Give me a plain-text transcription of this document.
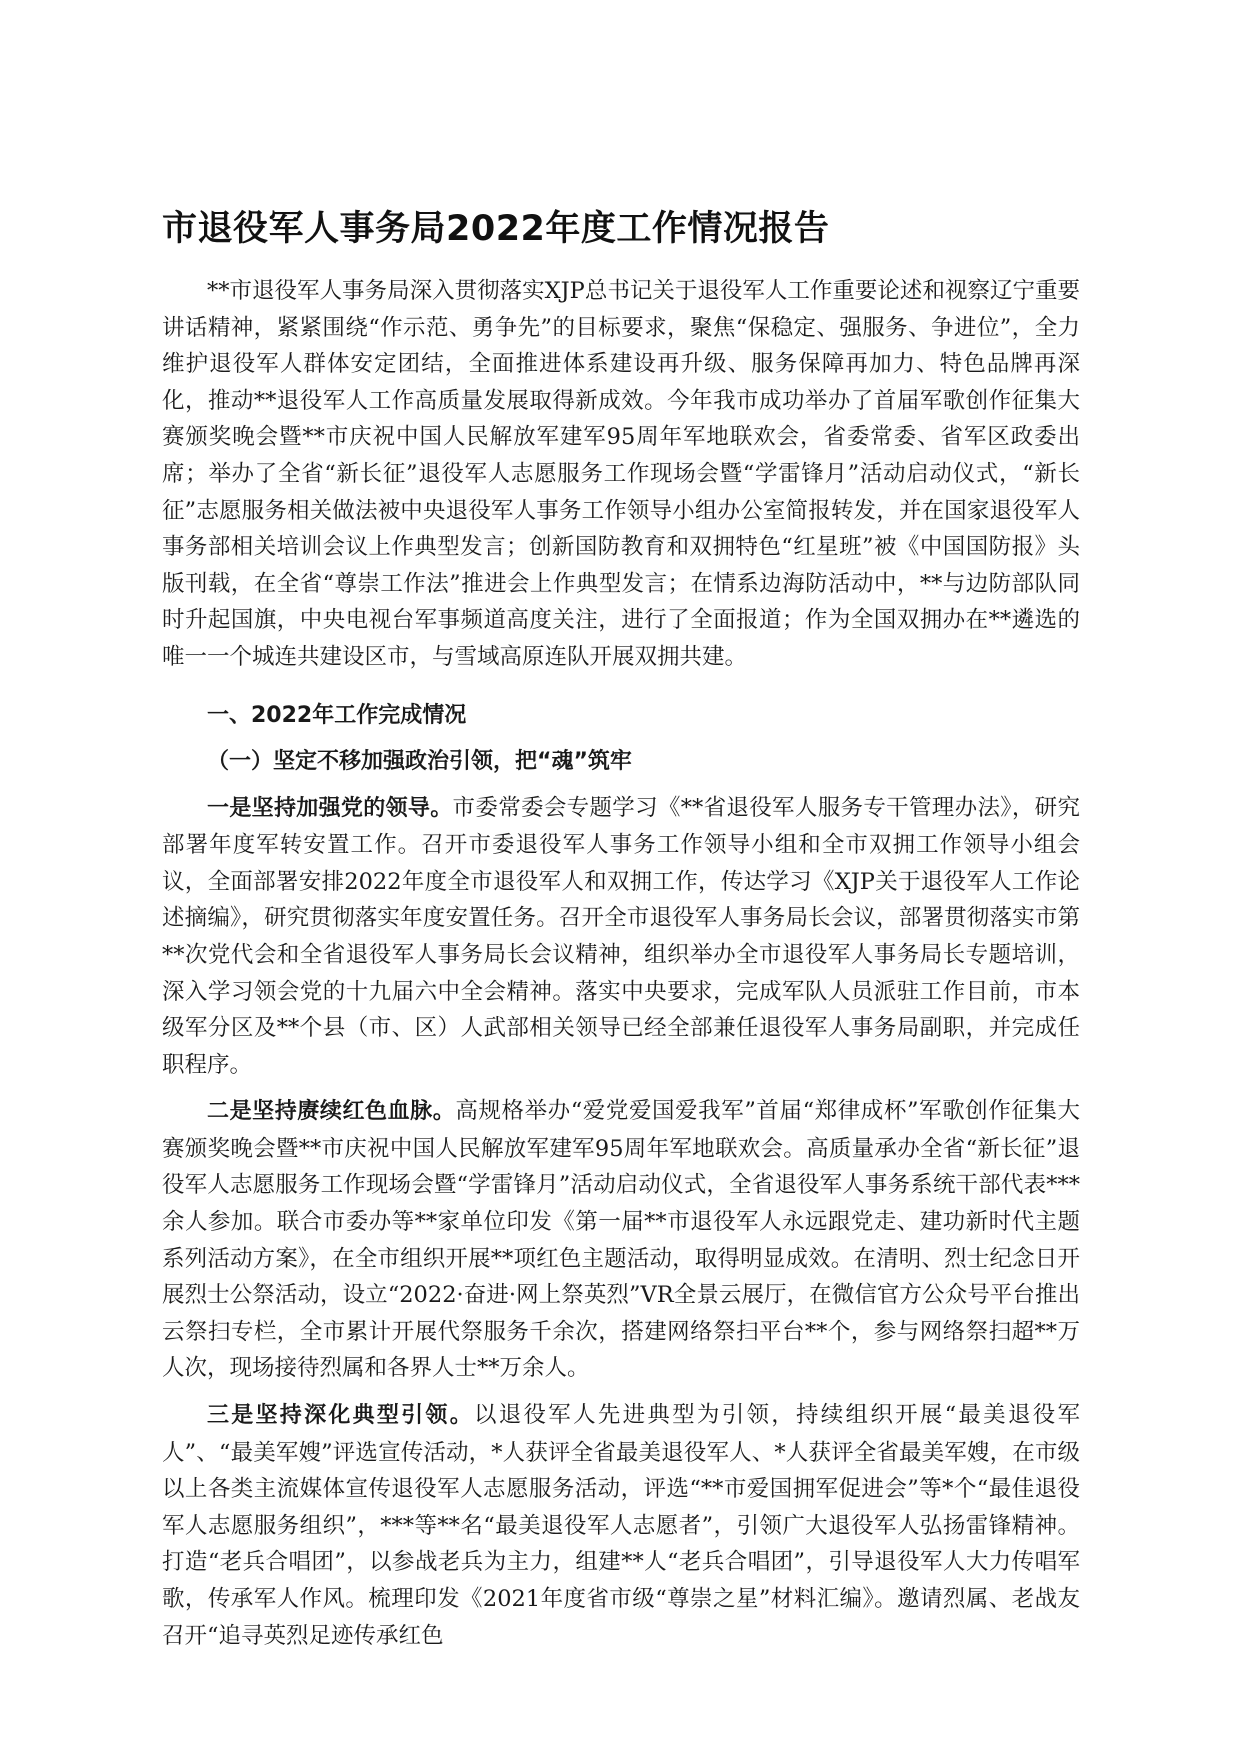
市退役军人事务局2022年度工作情况报告

**市退役军人事务局深入贯彻落实XJP总书记关于退役军人工作重要论述和视察辽宁重要讲话精神，紧紧围绕“作示范、勇争先”的目标要求，聚焦“保稳定、强服务、争进位”，全力维护退役军人群体安定团结，全面推进体系建设再升级、服务保障再加力、特色品牌再深化，推动**退役军人工作高质量发展取得新成效。今年我市成功举办了首届军歌创作征集大赛颁奖晚会暨**市庆祝中国人民解放军建军95周年军地联欢会，省委常委、省军区政委出席；举办了全省“新长征”退役军人志愿服务工作现场会暨“学雷锋月”活动启动仪式，“新长征”志愿服务相关做法被中央退役军人事务工作领导小组办公室简报转发，并在国家退役军人事务部相关培训会议上作典型发言；创新国防教育和双拥特色“红星班”被《中国国防报》头版刊载，在全省“尊崇工作法”推进会上作典型发言；在情系边海防活动中，**与边防部队同时升起国旗，中央电视台军事频道高度关注，进行了全面报道；作为全国双拥办在**遴选的唯一一个城连共建设区市，与雪域高原连队开展双拥共建。

一、2022年工作完成情况

（一）坚定不移加强政治引领，把“魂”筑牢

一是坚持加强党的领导。市委常委会专题学习《**省退役军人服务专干管理办法》，研究部署年度军转安置工作。召开市委退役军人事务工作领导小组和全市双拥工作领导小组会议，全面部署安排2022年度全市退役军人和双拥工作，传达学习《XJP关于退役军人工作论述摘编》，研究贯彻落实年度安置任务。召开全市退役军人事务局长会议，部署贯彻落实市第**次党代会和全省退役军人事务局长会议精神，组织举办全市退役军人事务局长专题培训，深入学习领会党的十九届六中全会精神。落实中央要求，完成军队人员派驻工作目前，市本级军分区及**个县（市、区）人武部相关领导已经全部兼任退役军人事务局副职，并完成任职程序。

二是坚持赓续红色血脉。高规格举办“爱党爱国爱我军”首届“郑律成杯”军歌创作征集大赛颁奖晚会暨**市庆祝中国人民解放军建军95周年军地联欢会。高质量承办全省“新长征”退役军人志愿服务工作现场会暨“学雷锋月”活动启动仪式，全省退役军人事务系统干部代表***余人参加。联合市委办等**家单位印发《第一届**市退役军人永远跟党走、建功新时代主题系列活动方案》，在全市组织开展**项红色主题活动，取得明显成效。在清明、烈士纪念日开展烈士公祭活动，设立“2022·奋进·网上祭英烈”VR全景云展厅，在微信官方公众号平台推出云祭扫专栏，全市累计开展代祭服务千余次，搭建网络祭扫平台**个，参与网络祭扫超**万人次，现场接待烈属和各界人士**万余人。

三是坚持深化典型引领。以退役军人先进典型为引领，持续组织开展“最美退役军人”、“最美军嫂”评选宣传活动，*人获评全省最美退役军人、*人获评全省最美军嫂，在市级以上各类主流媒体宣传退役军人志愿服务活动，评选“**市爱国拥军促进会”等*个“最佳退役军人志愿服务组织”，***等**名“最美退役军人志愿者”，引领广大退役军人弘扬雷锋精神。打造“老兵合唱团”，以参战老兵为主力，组建**人“老兵合唱团”，引导退役军人大力传唱军歌，传承军人作风。梳理印发《2021年度省市级“尊崇之星”材料汇编》。邀请烈属、老战友召开“追寻英烈足迹传承红色
